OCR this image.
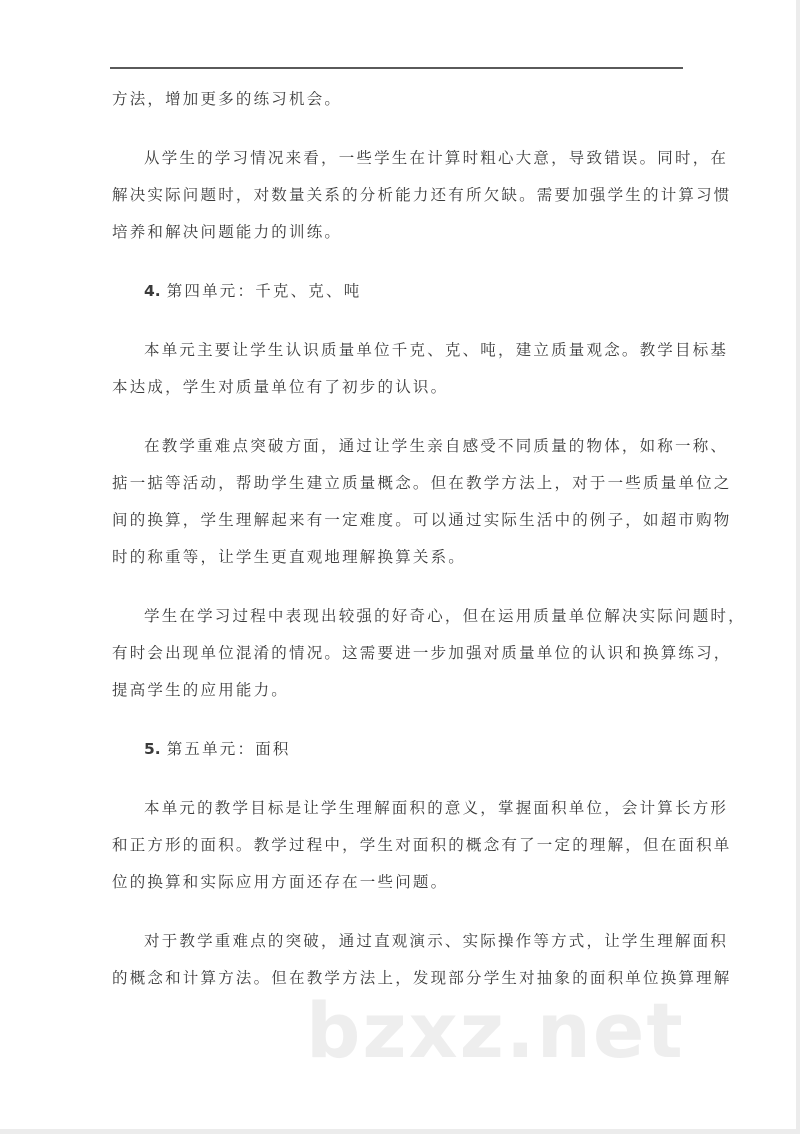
方法，增加更多的练习机会。
从学生的学习情况来看，一些学生在计算时粗心大意，导致错误。同时，在
解决实际问题时，对数量关系的分析能力还有所欠缺。需要加强学生的计算习惯
培养和解决问题能力的训练。
4. 第四单元：千克、克、吨
本单元主要让学生认识质量单位千克、克、吨，建立质量观念。教学目标基
本达成，学生对质量单位有了初步的认识。
在教学重难点突破方面，通过让学生亲自感受不同质量的物体，如称一称、
掂一掂等活动，帮助学生建立质量概念。但在教学方法上，对于一些质量单位之
间的换算，学生理解起来有一定难度。可以通过实际生活中的例子，如超市购物
时的称重等，让学生更直观地理解换算关系。
学生在学习过程中表现出较强的好奇心，但在运用质量单位解决实际问题时，
有时会出现单位混淆的情况。这需要进一步加强对质量单位的认识和换算练习，
提高学生的应用能力。
5. 第五单元：面积
本单元的教学目标是让学生理解面积的意义，掌握面积单位，会计算长方形
和正方形的面积。教学过程中，学生对面积的概念有了一定的理解，但在面积单
位的换算和实际应用方面还存在一些问题。
对于教学重难点的突破，通过直观演示、实际操作等方式，让学生理解面积
的概念和计算方法。但在教学方法上，发现部分学生对抽象的面积单位换算理解
bzxz.net
